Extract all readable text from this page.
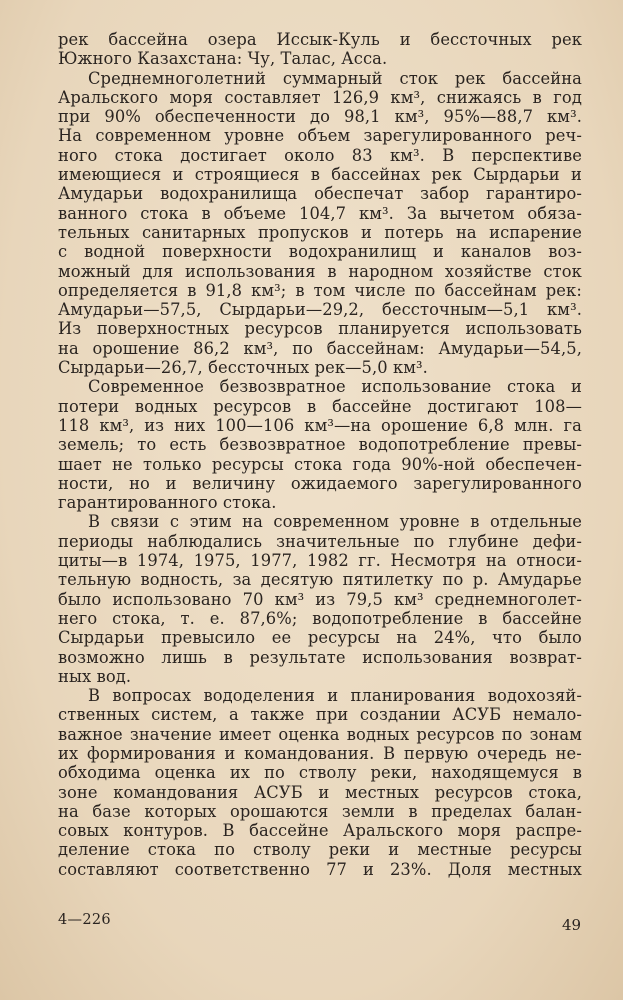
рек бассейна озера Иссык-Куль и бессточных рек
Южного Казахстана: Чу, Талас, Асса.
Среднемноголетний суммарный сток рек бассейна
Аральского моря составляет 126,9 км³, снижаясь в год
при 90% обеспеченности до 98,1 км³, 95%—88,7 км³.
На современном уровне объем зарегулированного реч-
ного стока достигает около 83 км³. В перспективе
имеющиеся и строящиеся в бассейнах рек Сырдарьи и
Амударьи водохранилища обеспечат забор гарантиро-
ванного стока в объеме 104,7 км³. За вычетом обяза-
тельных санитарных пропусков и потерь на испарение
с водной поверхности водохранилищ и каналов воз-
можный для использования в народном хозяйстве сток
определяется в 91,8 км³; в том числе по бассейнам рек:
Амударьи—57,5, Сырдарьи—29,2, бессточным—5,1 км³.
Из поверхностных ресурсов планируется использовать
на орошение 86,2 км³, по бассейнам: Амударьи—54,5,
Сырдарьи—26,7, бессточных рек—5,0 км³.
Современное безвозвратное использование стока и
потери водных ресурсов в бассейне достигают 108—
118 км³, из них 100—106 км³—на орошение 6,8 млн. га
земель; то есть безвозвратное водопотребление превы-
шает не только ресурсы стока года 90%-ной обеспечен-
ности, но и величину ожидаемого зарегулированного
гарантированного стока.
В связи с этим на современном уровне в отдельные
периоды наблюдались значительные по глубине дефи-
циты—в 1974, 1975, 1977, 1982 гг. Несмотря на относи-
тельную водность, за десятую пятилетку по р. Амударье
было использовано 70 км³ из 79,5 км³ среднемноголет-
него стока, т. е. 87,6%; водопотребление в бассейне
Сырдарьи превысило ее ресурсы на 24%, что было
возможно лишь в результате использования возврат-
ных вод.
В вопросах вододеления и планирования водохозяй-
ственных систем, а также при создании АСУБ немало-
важное значение имеет оценка водных ресурсов по зонам
их формирования и командования. В первую очередь не-
обходима оценка их по стволу реки, находящемуся в
зоне командования АСУБ и местных ресурсов стока,
на базе которых орошаются земли в пределах балан-
совых контуров. В бассейне Аральского моря распре-
деление стока по стволу реки и местные ресурсы
составляют соответственно 77 и 23%. Доля местных
4—226	49
